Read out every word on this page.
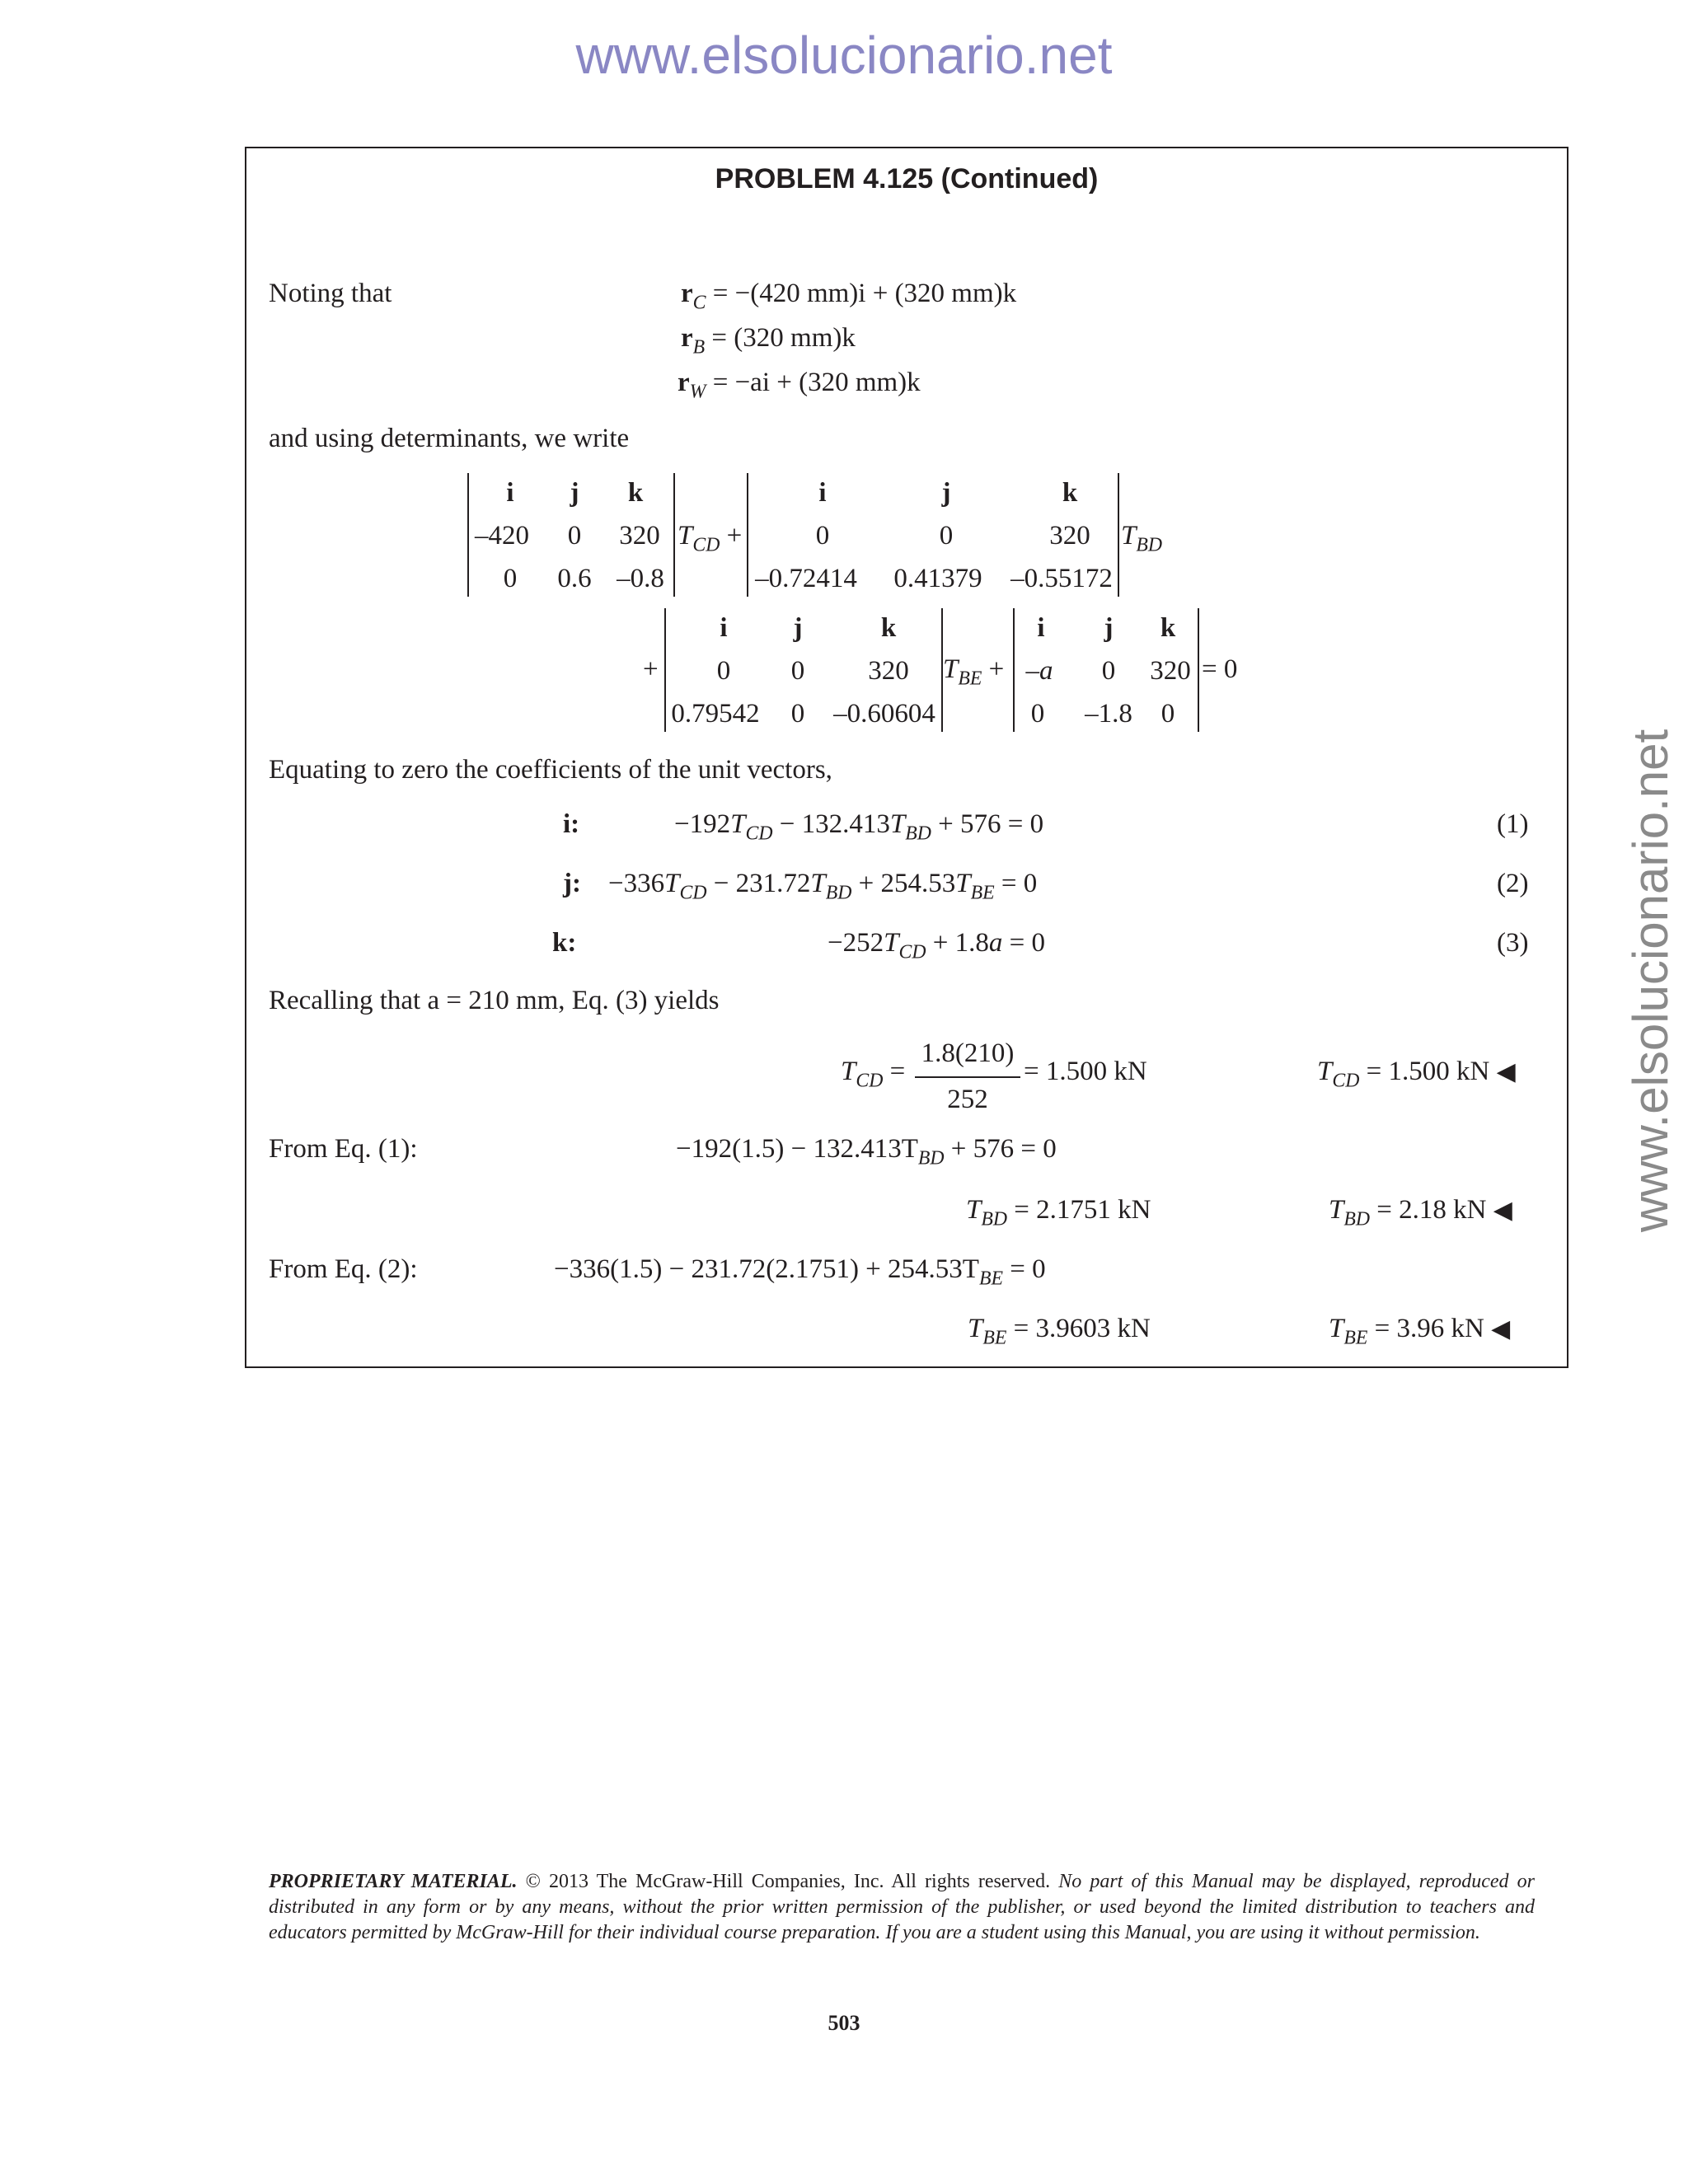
www.elsolucionario.net
www.elsolucionario.net
PROBLEM 4.125 (Continued)
Noting that	$r_C = -(420$ mm)i + (320 mm)k
$r_B = (320$ mm)k
$r_W = -ai + (320$ mm)k
and using determinants, we write
i	j	k
–420	0	320
0	0.6 –0.8
$T_{CD}$ +
i	j	k
0	0	320
–0.72414	0.41379	–0.55172
$T_{BD}$
+
i	j	k
0	0	320
0.79542	0	–0.60604
$T_{BE}$ +
i	j	k
–a	0	320
0	–1.8	0
= 0
Equating to zero the coefficients of the unit vectors,
i:	$-192T_{CD} - 132.413T_{BD} + 576 = 0$	(1)
j: $-336T_{CD} - 231.72T_{BD} + 254.53T_{BE} = 0$	(2)
k:	$-252T_{CD} + 1.8a = 0$	(3)
Recalling that a = 210 mm, Eq. (3) yields
$T_{CD}$ =
1.8(210)
252
= 1.500 kN	$T_{CD} = 1.500$ kN ◀
From Eq. (1):	$-192(1.5) - 132.413T_{BD} + 576 = 0$
$T_{BD} = 2.1751$ kN	$T_{BD} = 2.18$ kN ◀
From Eq. (2):	$-336(1.5) - 231.72(2.1751) + 254.53T_{BE} = 0$
$T_{BE} = 3.9603$ kN	$T_{BE} = 3.96$ kN ◀
PROPRIETARY MATERIAL. © 2013 The McGraw-Hill Companies, Inc. All rights reserved. No part of this Manual may be displayed, reproduced or distributed in any form or by any means, without the prior written permission of the publisher, or used beyond the limited distribution to teachers and educators permitted by McGraw-Hill for their individual course preparation. If you are a student using this Manual, you are using it without permission.
503
